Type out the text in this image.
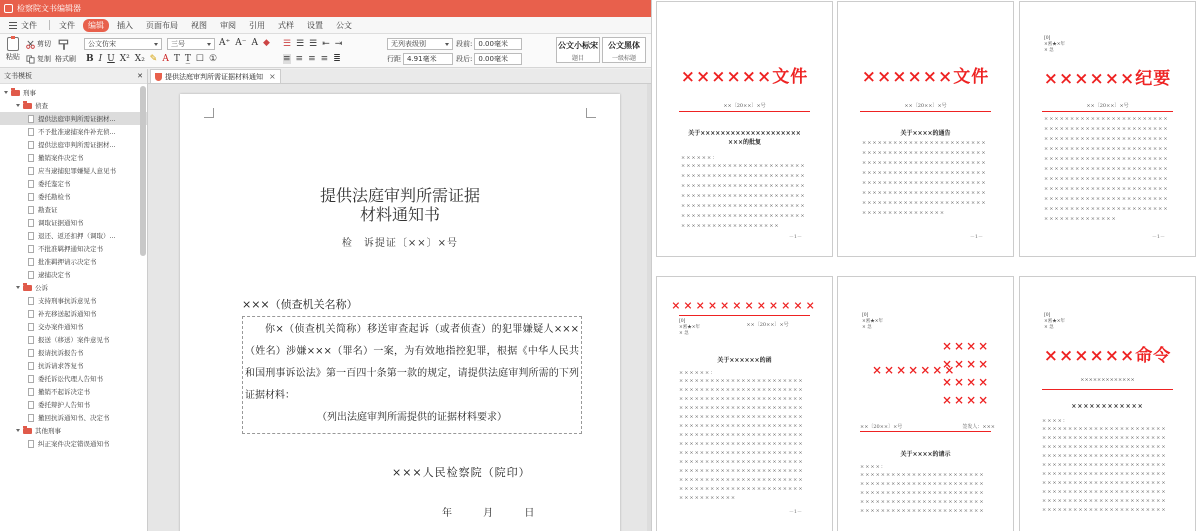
检察院文书编辑器
文件	文件	编辑	插入	页面布局	视图	审阅	引用	式样	设置	公文
粘贴
剪切
复制 格式刷
公文仿宋	三号	A⁺ A⁻ A ◆
B I U X² X₂ ✎ A T T̲ ☐ ①
☰ ☰ ☰ ⇤ ⇥
≡ ≡ ≡ ≡ ≣
无列表级别
行距 4.91毫米
段前: 0.00毫米
段后: 0.00毫米
公文小标宋
题目
公文黑体
一级标题
文书模板	✕
刑事
侦查
提供法庭审判所需证据材...
不予批准逮捕案件补充侦...
提供法庭审判所需证据材...
撤销案件决定书
应当逮捕犯罪嫌疑人意见书
委托鉴定书
委托勘检书
勘查证
调取证据通知书
退还、返还扣押（调取）...
不批准羁押通知决定书
批准羁押请示决定书
逮捕决定书
公诉
支持刑事抗诉意见书
补充移送起诉通知书
交办案件通知书
报送（移送）案件意见书
报请抗诉报告书
抗诉请求答复书
委托诉讼代理人告知书
撤销不起诉决定书
委托辩护人告知书
撤回抗诉通知书、决定书
其他刑事
纠正案件决定错误通知书
提供法庭审判所需证据材料通知 ×
提供法庭审判所需证据
材料通知书
检　诉提证〔××〕×号
×××（侦查机关名称）
你×（侦查机关简称）移送审查起诉（或者侦查）的犯罪嫌疑人×××（姓名）涉嫌×××（罪名）一案，为有效地指控犯罪，根据《中华人民共和国刑事诉讼法》第一百四十条第一款的规定，请提供法庭审判所需的下列证据材料：
（列出法庭审判所需提供的证据材料要求）
×××人民检察院（院印）
年 月 日
××××××文件
××〔20××〕×号
关于××××××××××××××××××××
×××的批复
××××××：
××××××××××××××××××××××××
××××××××××××××××××××××××
××××××××××××××××××××××××
××××××××××××××××××××××××
××××××××××××××××××××××××
××××××××××××××××××××××××
×××××××××××××××××××
－1－
××××××文件
××〔20××〕×号
关于××××的通告
××××××××××××××××××××××××
××××××××××××××××××××××××
××××××××××××××××××××××××
××××××××××××××××××××××××
××××××××××××××××××××××××
××××××××××××××××××××××××
××××××××××××××××××××××××
××××××××××××××××
－1－
[0]
×密★×年
× 急
××××××纪要
××〔20××〕×号
××××××××××××××××××××××××
××××××××××××××××××××××××
××××××××××××××××××××××××
××××××××××××××××××××××××
××××××××××××××××××××××××
××××××××××××××××××××××××
××××××××××××××××××××××××
××××××××××××××××××××××××
××××××××××××××××××××××××
××××××××××××××××××××××××
××××××××××××××
－1－
××××××××××××
[0]
×密★×年
× 急
××〔20××〕×号
关于××××××的函
××××××：
××××××××××××××××××××××××
××××××××××××××××××××××××
××××××××××××××××××××××××
××××××××××××××××××××××××
××××××××××××××××××××××××
××××××××××××××××××××××××
××××××××××××××××××××××××
××××××××××××××××××××××××
××××××××××××××××××××××××
××××××××××××××××××××××××
××××××××××××××××××××××××
××××××××××××××××××××××××
××××××××××××××××××××××××
×××××××××××
－1－
[0]
×密★×年
× 急
×××××××
××××
××××
××××
××××
××〔20××〕×号	签发人：×××
关于××××的请示
××××：
××××××××××××××××××××××××
××××××××××××××××××××××××
××××××××××××××××××××××××
××××××××××××××××××××××××
××××××××××××××××××××××××
[0]
×密★×年
× 急
××××××命令
×××××××××××××
××××××××××××
××××：
××××××××××××××××××××××××
××××××××××××××××××××××××
××××××××××××××××××××××××
××××××××××××××××××××××××
××××××××××××××××××××××××
××××××××××××××××××××××××
××××××××××××××××××××××××
××××××××××××××××××××××××
××××××××××××××××××××××××
××××××××××××××××××××××××
